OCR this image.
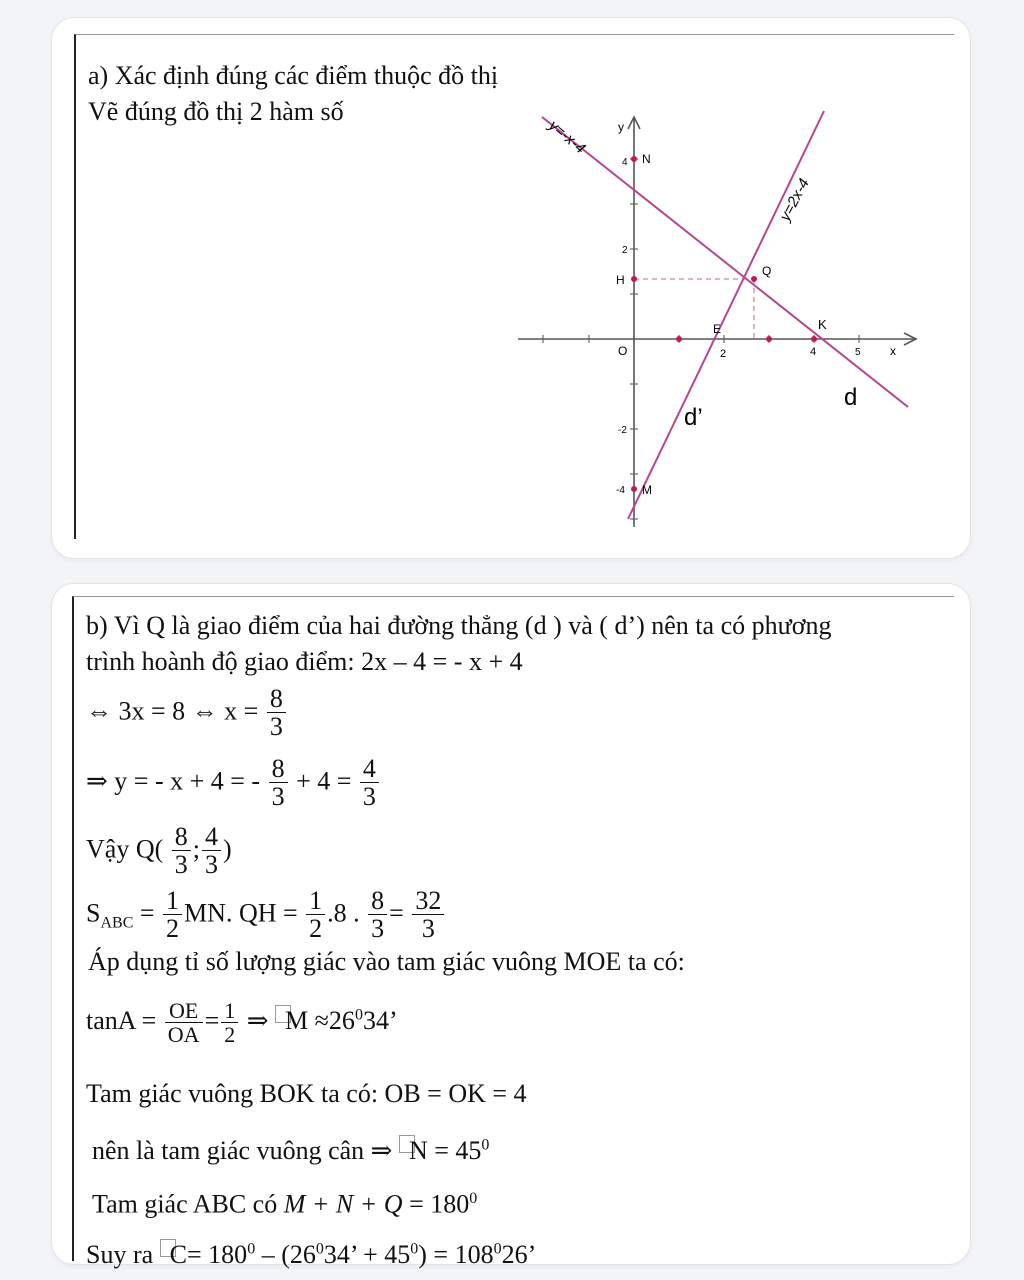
a) Xác định đúng các điểm thuộc đồ thị
Vẽ đúng đồ thị 2 hàm số
y=-x-4
y=2x-4
x
y
O
N
H
Q
K
M
E
d
d’
4
2
-2
-4
2	4	5
b) Vì Q là giao điểm của hai đường thẳng (d ) và ( d’) nên ta có phương
trình hoành độ giao điểm: 2x – 4 = - x + 4
⇔ 3x = 8 ⇔ $x = \frac{8}{3}$
⇒ y = - x + 4 = - $\frac{8}{3} + 4 = \frac{4}{3}$
Vậy $Q( \frac{8}{3}$ ; $\frac{4}{3}$ )
$S_{ABC} = \frac{1}{2}$ MN. QH = $\frac{1}{2} .8$ . $\frac{8}{3} = \frac{32}{3}$
Áp dụng tỉ số lượng giác vào tam giác vuông MOE ta có:
$\tan A = \frac{OE}{OA} = \frac{1}{2}$ ⇒ $M \approx 26^034$’
Tam giác vuông BOK ta có: OB = OK = 4
nên là tam giác vuông cân ⇒ $N = 45^0$
Tam giác ABC có $M + N + Q = 180^0$
Suy ra $C= 180^0 - (26^034$’ + $45^0) = 108^026$’
